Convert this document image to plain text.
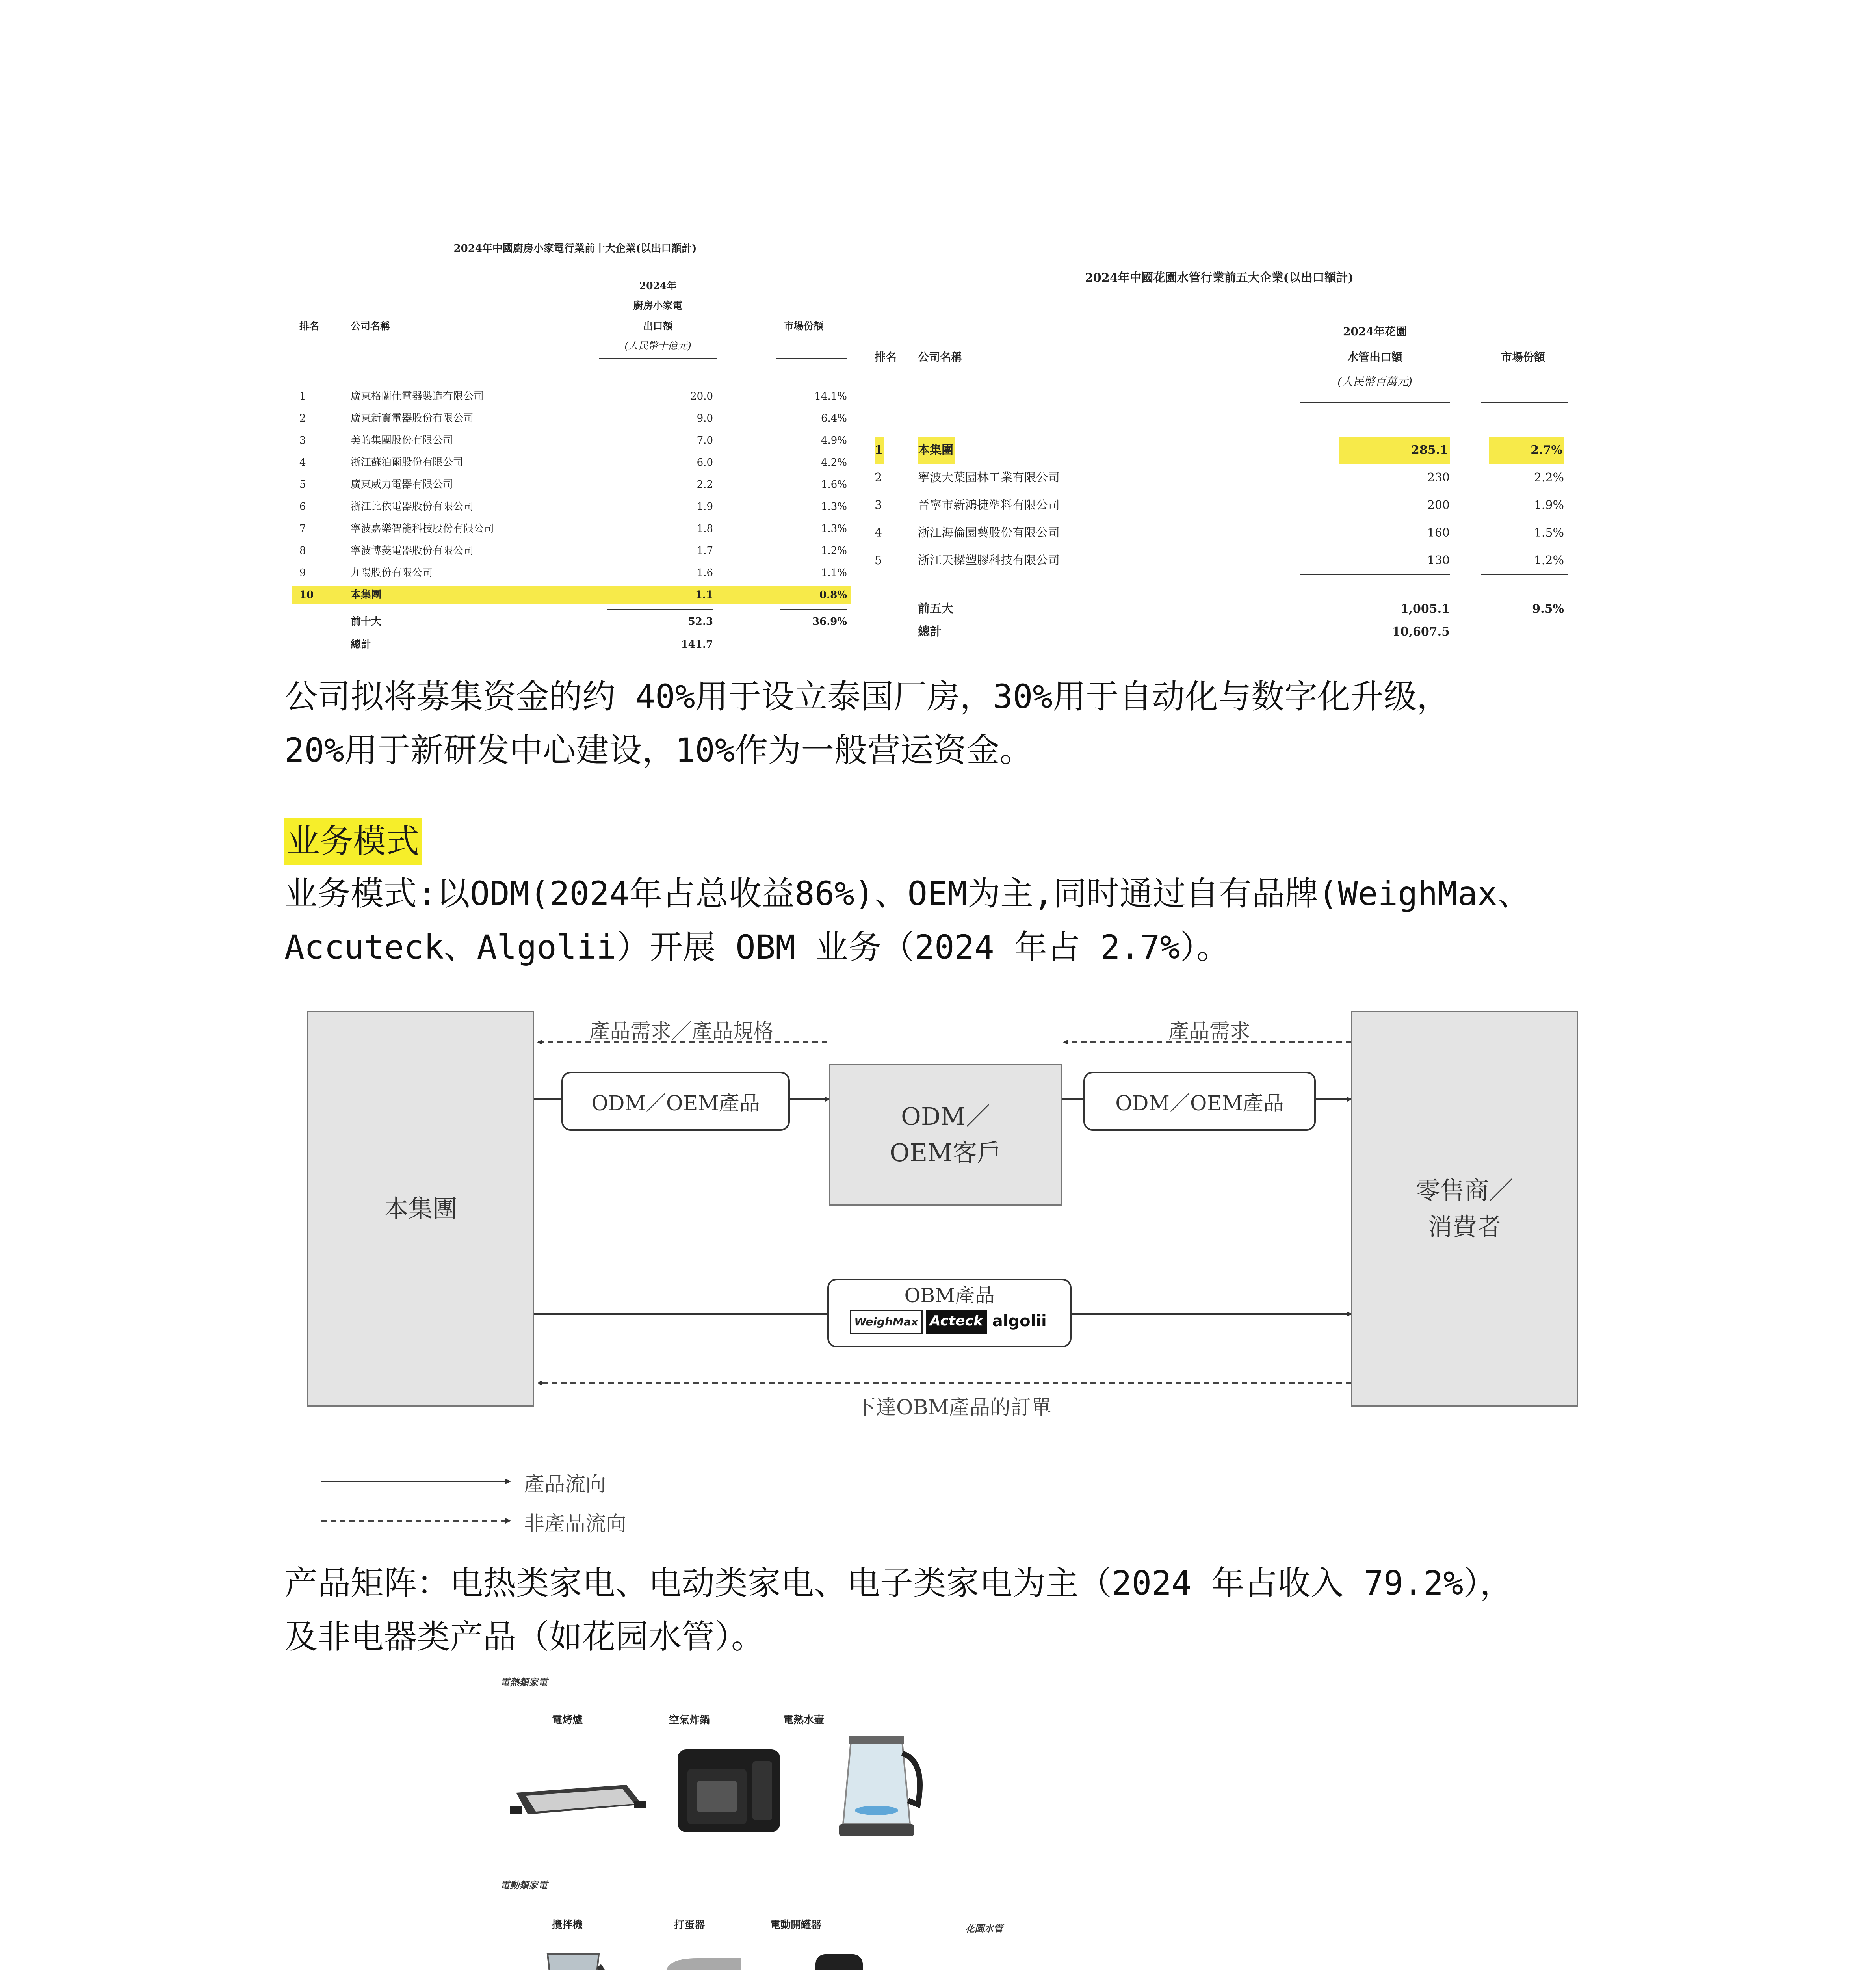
2024年中國廚房小家電行業前十大企業(以出口額計)
2024年
廚房小家電
排名	公司名稱	出口額	市場份額
(人民幣十億元)
1	廣東格蘭仕電器製造有限公司	20.0	14.1%
2	廣東新寶電器股份有限公司	9.0	6.4%
3	美的集團股份有限公司	7.0	4.9%
4	浙江蘇泊爾股份有限公司	6.0	4.2%
5	廣東威力電器有限公司	2.2	1.6%
6	浙江比依電器股份有限公司	1.9	1.3%
7	寧波嘉樂智能科技股份有限公司	1.8	1.3%
8	寧波博菱電器股份有限公司	1.7	1.2%
9	九陽股份有限公司	1.6	1.1%
10	本集團	1.1	0.8%
前十大	52.3	36.9%
總計	141.7
2024年中國花園水管行業前五大企業(以出口額計)
2024年花園
排名 公司名稱	水管出口額	市場份額
(人民幣百萬元)
1	本集團	285.1	2.7%
2	寧波大葉園林工業有限公司	230	2.2%
3	晉寧市新鴻捷塑料有限公司	200	1.9%
4	浙江海倫園藝股份有限公司	160	1.5%
5	浙江天樑塑膠科技有限公司	130	1.2%
前五大	1,005.1	9.5%
總計	10,607.5
公司拟将募集资金的约 40%用于设立泰国厂房，30%用于自动化与数字化升级，
20%用于新研发中心建设，10%作为一般营运资金。
业务模式
业务模式:以ODM(2024年占总收益86%)、OEM为主,同时通过自有品牌(WeighMax、
Accuteck、Algolii）开展 OBM 业务（2024 年占 2.7%）。
本集團
ODM／
OEM客戶
零售商／
消費者
產品需求／產品規格	產品需求
ODM／OEM產品	ODM／OEM產品
OBM產品
WeighMax Acteck algolii
下達OBM產品的訂單
產品流向
非產品流向
产品矩阵：电热类家电、电动类家电、电子类家电为主（2024 年占收入 79.2%），
及非电器类产品（如花园水管）。
電熱類家電
電烤爐	空氣炸鍋	電熱水壺
電動類家電
攪拌機	打蛋器	電動開罐器	花園水管
